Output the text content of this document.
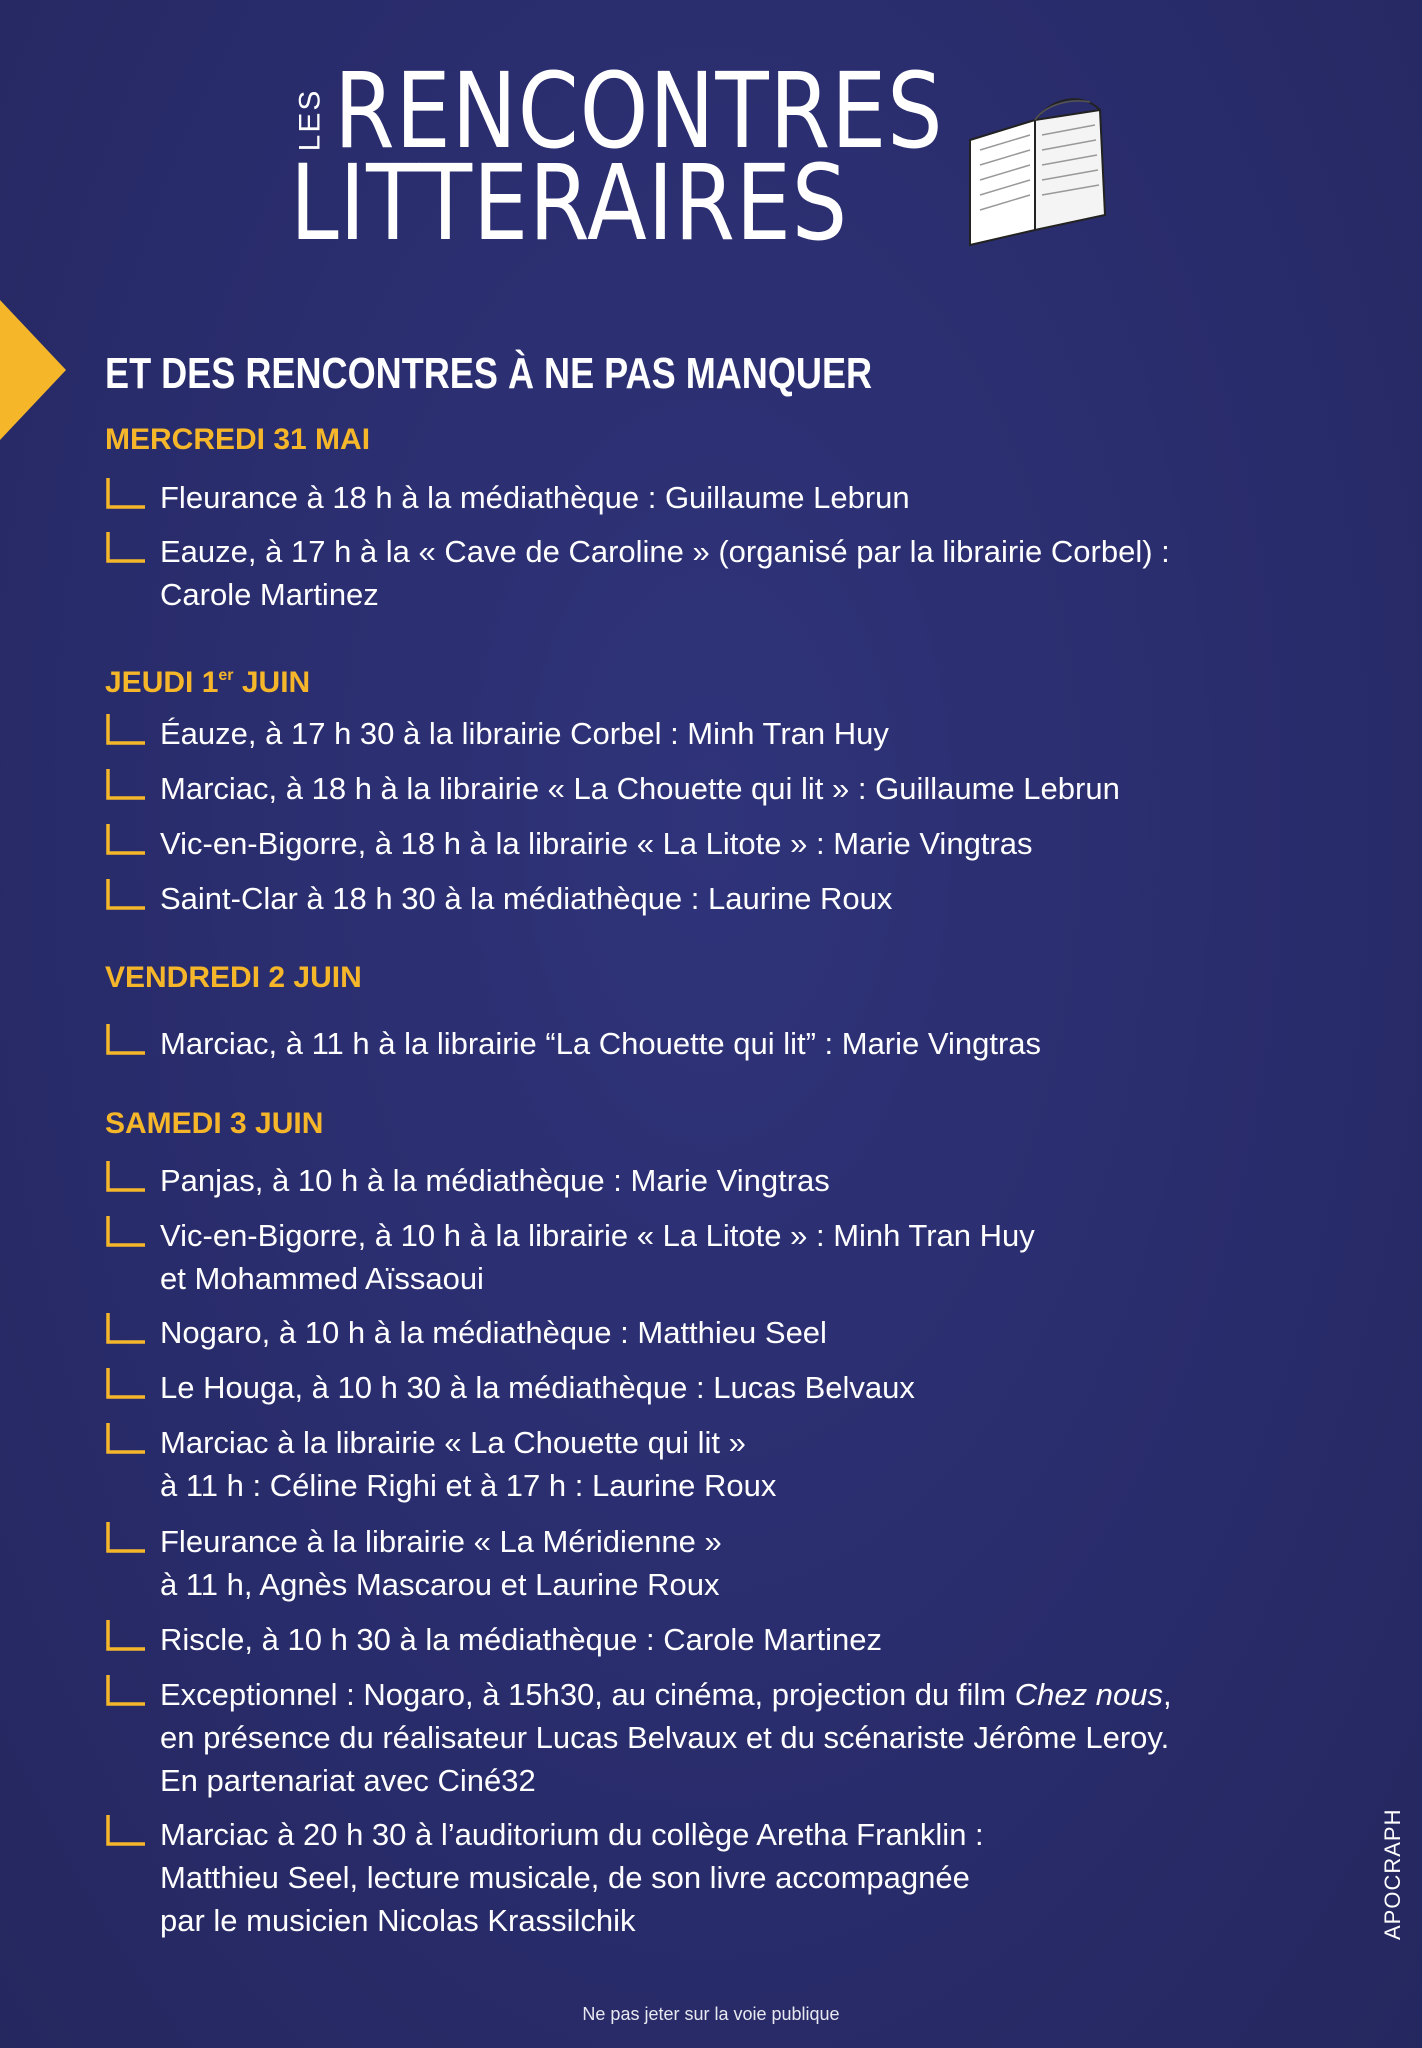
LES RENCONTRES
LITTERAIRES
ET DES RENCONTRES À NE PAS MANQUER
MERCREDI 31 MAI
Fleurance à 18 h à la médiathèque : Guillaume Lebrun
Eauze, à 17 h à la « Cave de Caroline » (organisé par la librairie Corbel) :
Carole Martinez
JEUDI 1er JUIN
Éauze, à 17 h 30 à la librairie Corbel : Minh Tran Huy
Marciac, à 18 h à la librairie « La Chouette qui lit » : Guillaume Lebrun
Vic-en-Bigorre, à 18 h à la librairie « La Litote » : Marie Vingtras
Saint-Clar à 18 h 30 à la médiathèque : Laurine Roux
VENDREDI 2 JUIN
Marciac, à 11 h à la librairie “La Chouette qui lit” : Marie Vingtras
SAMEDI 3 JUIN
Panjas, à 10 h à la médiathèque : Marie Vingtras
Vic-en-Bigorre, à 10 h à la librairie « La Litote » : Minh Tran Huy
et Mohammed Aïssaoui
Nogaro, à 10 h à la médiathèque : Matthieu Seel
Le Houga, à 10 h 30 à la médiathèque : Lucas Belvaux
Marciac à la librairie « La Chouette qui lit »
à 11 h : Céline Righi et à 17 h : Laurine Roux
Fleurance à la librairie « La Méridienne »
à 11 h, Agnès Mascarou et Laurine Roux
Riscle, à 10 h 30 à la médiathèque : Carole Martinez
Exceptionnel : Nogaro, à 15h30, au cinéma, projection du film Chez nous,
en présence du réalisateur Lucas Belvaux et du scénariste Jérôme Leroy.
En partenariat avec Ciné32
Marciac à 20 h 30 à l’auditorium du collège Aretha Franklin :
Matthieu Seel, lecture musicale, de son livre accompagnée
par le musicien Nicolas Krassilchik
Ne pas jeter sur la voie publique
APOCRAPH
